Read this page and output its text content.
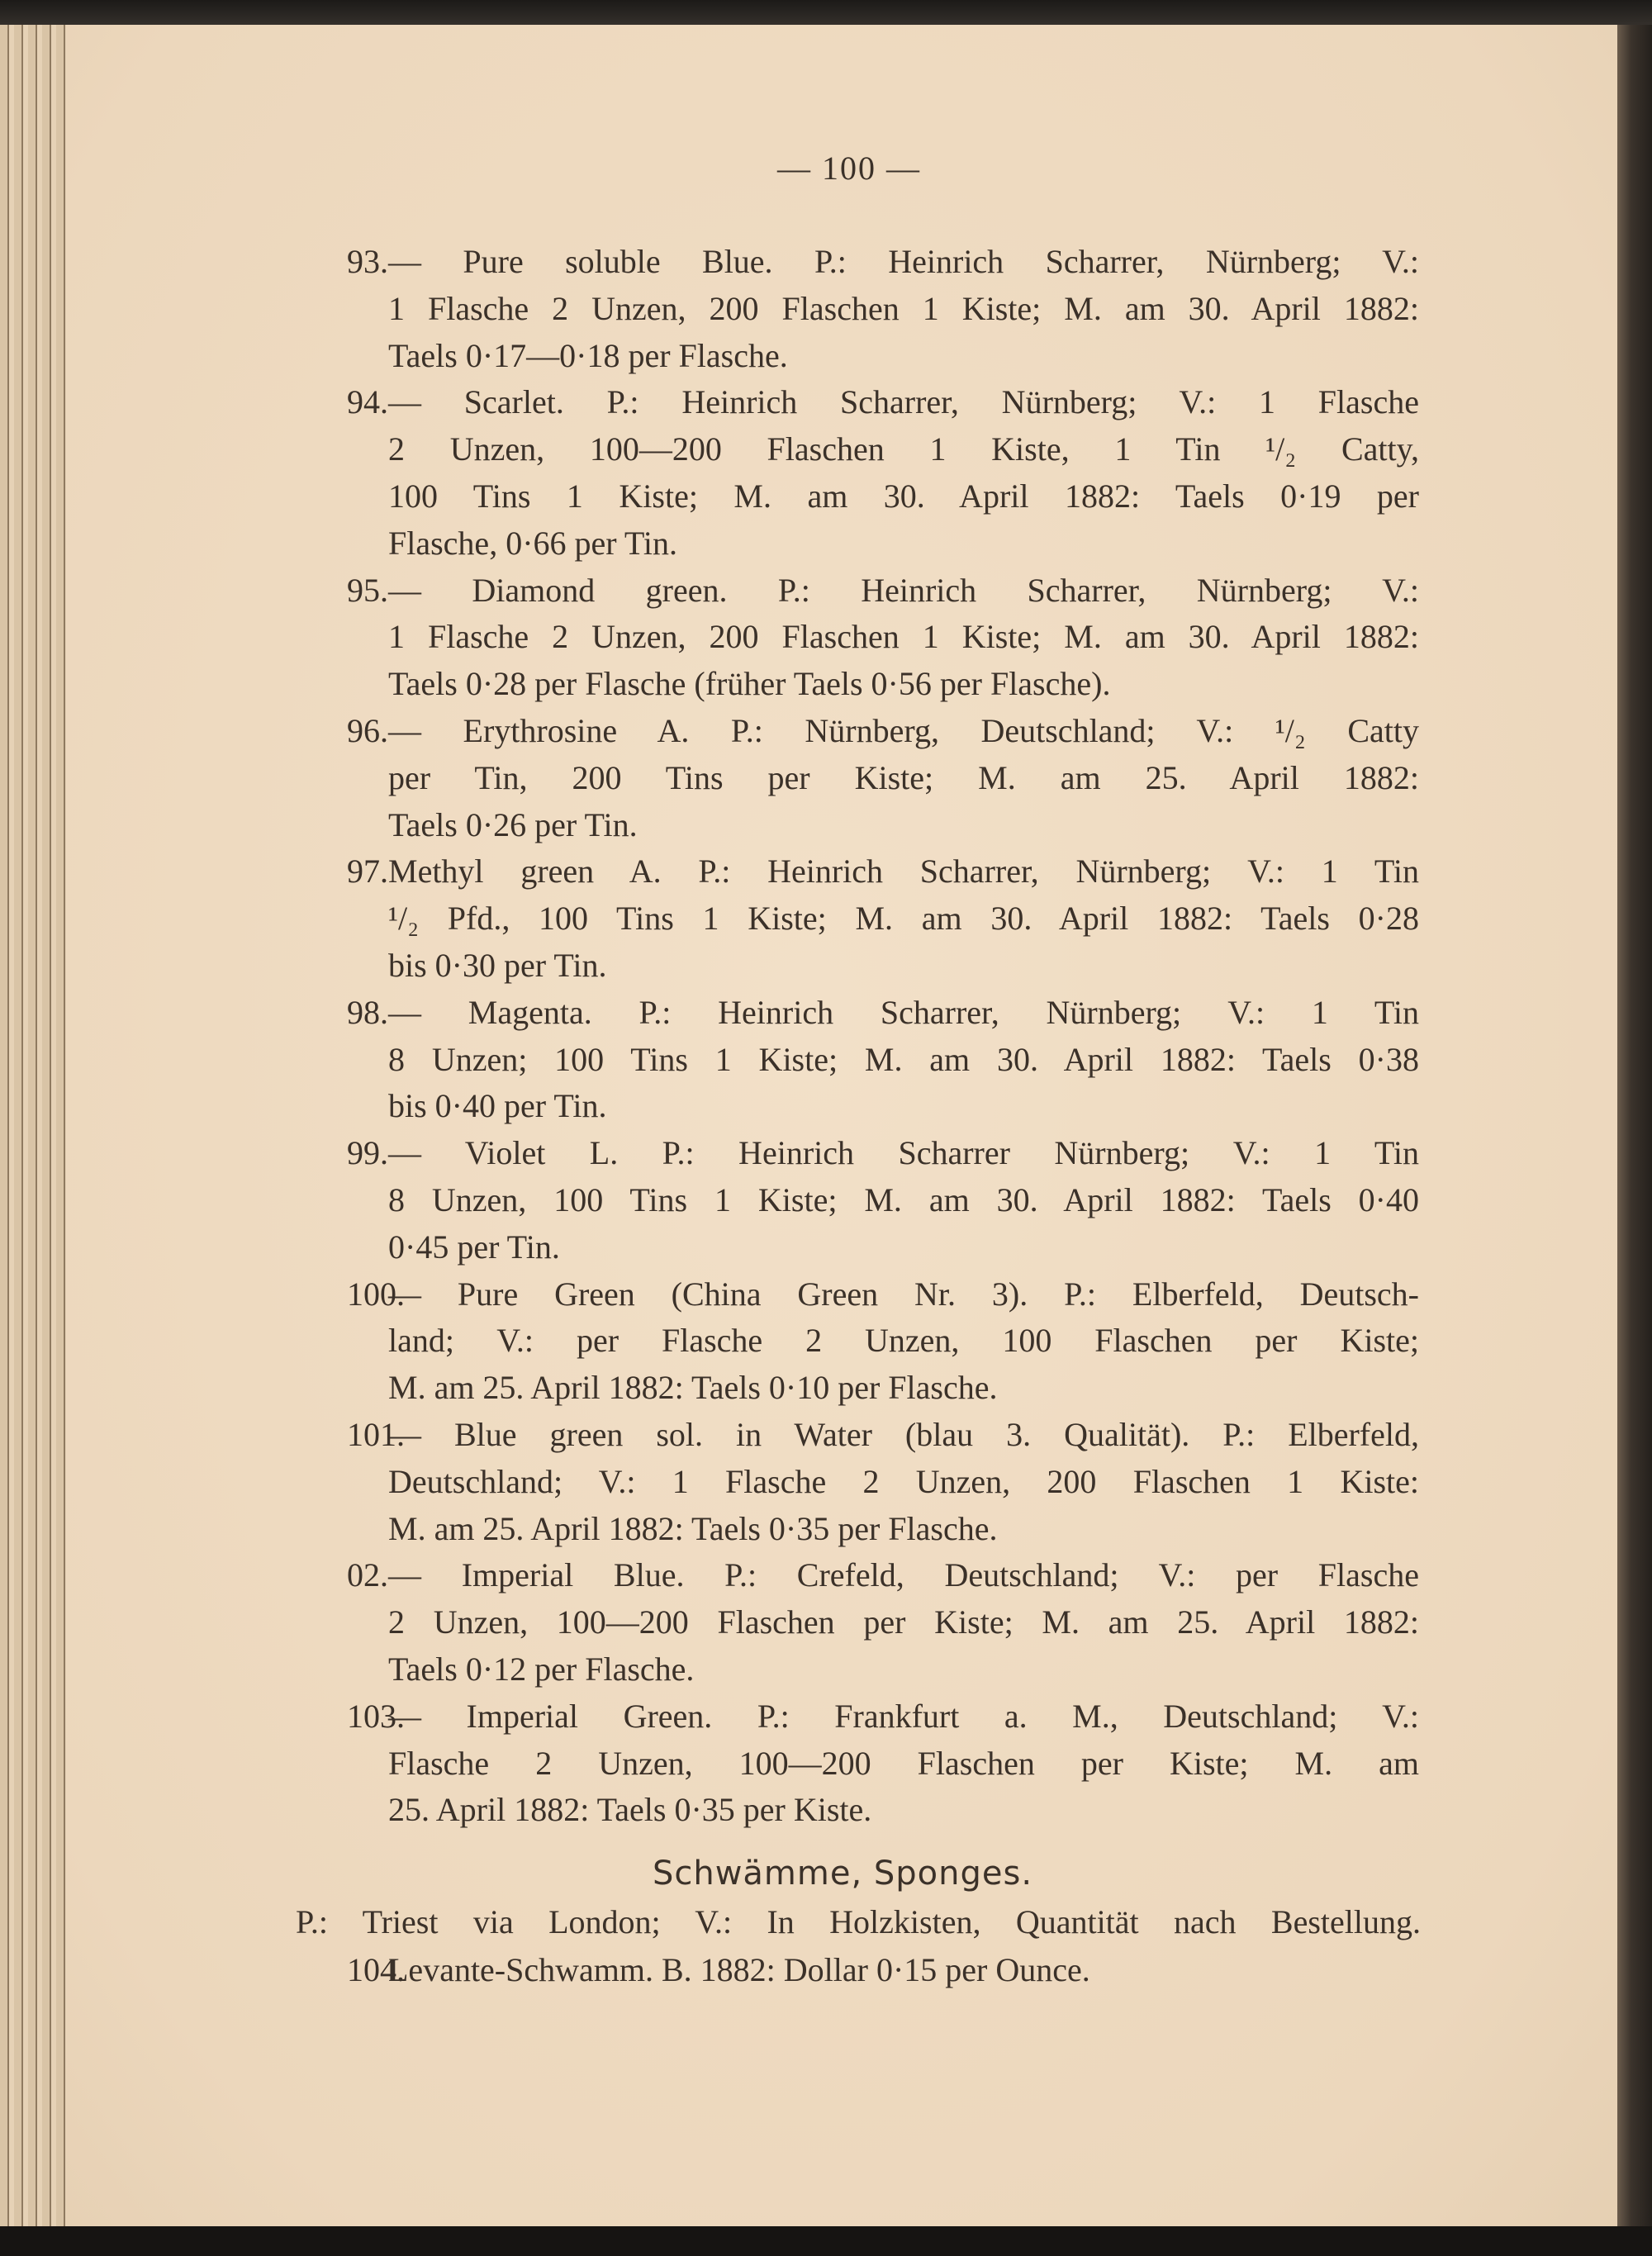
— 100 —
93. — Pure soluble Blue. P.: Heinrich Scharrer, Nürnberg; V.:
1 Flasche 2 Unzen, 200 Flaschen 1 Kiste; M. am 30. April 1882:
Taels 0·17—0·18 per Flasche.
94. — Scarlet. P.: Heinrich Scharrer, Nürnberg; V.: 1 Flasche
2 Unzen, 100—200 Flaschen 1 Kiste, 1 Tin ¹/₂ Catty,
100 Tins 1 Kiste; M. am 30. April 1882: Taels 0·19 per
Flasche, 0·66 per Tin.
95. — Diamond green. P.: Heinrich Scharrer, Nürnberg; V.:
1 Flasche 2 Unzen, 200 Flaschen 1 Kiste; M. am 30. April 1882:
Taels 0·28 per Flasche (früher Taels 0·56 per Flasche).
96. — Erythrosine A. P.: Nürnberg, Deutschland; V.: ¹/₂ Catty
per Tin, 200 Tins per Kiste; M. am 25. April 1882:
Taels 0·26 per Tin.
97. Methyl green A. P.: Heinrich Scharrer, Nürnberg; V.: 1 Tin
¹/₂ Pfd., 100 Tins 1 Kiste; M. am 30. April 1882: Taels 0·28
bis 0·30 per Tin.
98. — Magenta. P.: Heinrich Scharrer, Nürnberg; V.: 1 Tin
8 Unzen; 100 Tins 1 Kiste; M. am 30. April 1882: Taels 0·38
bis 0·40 per Tin.
99. — Violet L. P.: Heinrich Scharrer Nürnberg; V.: 1 Tin
8 Unzen, 100 Tins 1 Kiste; M. am 30. April 1882: Taels 0·40
0·45 per Tin.
100.
— Pure Green (China Green Nr. 3). P.: Elberfeld, Deutsch-
land; V.: per Flasche 2 Unzen, 100 Flaschen per Kiste;
M. am 25. April 1882: Taels 0·10 per Flasche.
101.
— Blue green sol. in Water (blau 3. Qualität). P.: Elberfeld,
Deutschland; V.: 1 Flasche 2 Unzen, 200 Flaschen 1 Kiste:
M. am 25. April 1882: Taels 0·35 per Flasche.
02. — Imperial Blue. P.: Crefeld, Deutschland; V.: per Flasche
2 Unzen, 100—200 Flaschen per Kiste; M. am 25. April 1882:
Taels 0·12 per Flasche.
103.
— Imperial Green. P.: Frankfurt a. M., Deutschland; V.:
Flasche 2 Unzen, 100—200 Flaschen per Kiste; M. am
25. April 1882: Taels 0·35 per Kiste.
Schwämme, Sponges.
P.: Triest via London; V.: In Holzkisten, Quantität nach Bestellung.
104.
Levante-Schwamm. B. 1882: Dollar 0·15 per Ounce.
